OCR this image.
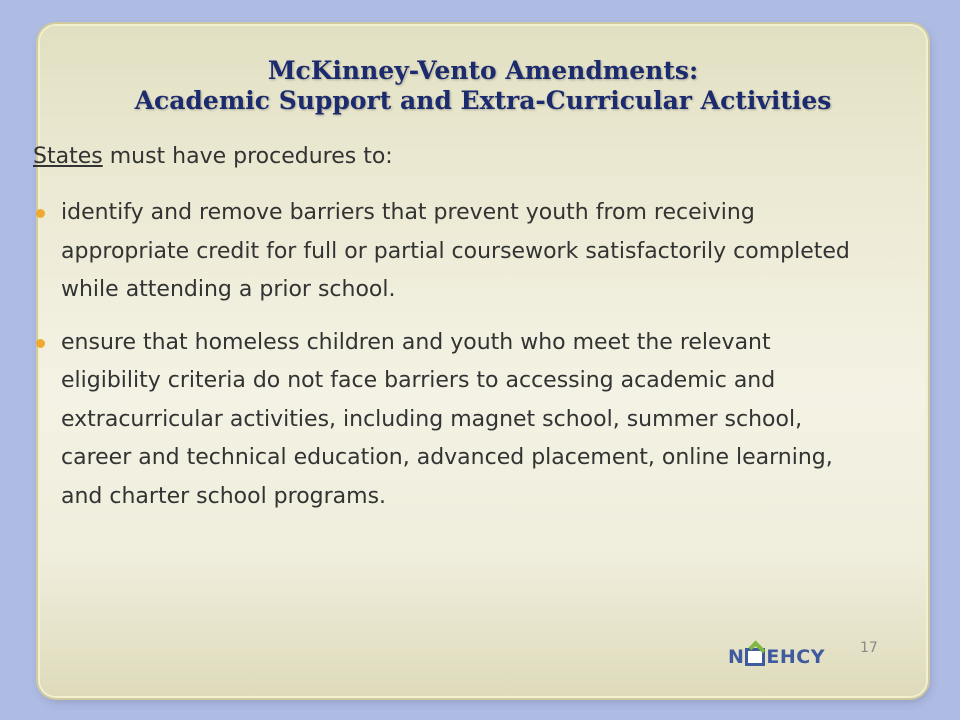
McKinney-Vento Amendments:
Academic Support and Extra-Curricular Activities
States must have procedures to:
identify and remove barriers that prevent youth from receiving appropriate credit for full or partial coursework satisfactorily completed while attending a prior school.
ensure that homeless children and youth who meet the relevant eligibility criteria do not face barriers to accessing academic and extracurricular activities, including magnet school, summer school, career and technical education, advanced placement, online learning, and charter school programs.
N EHCY	17
